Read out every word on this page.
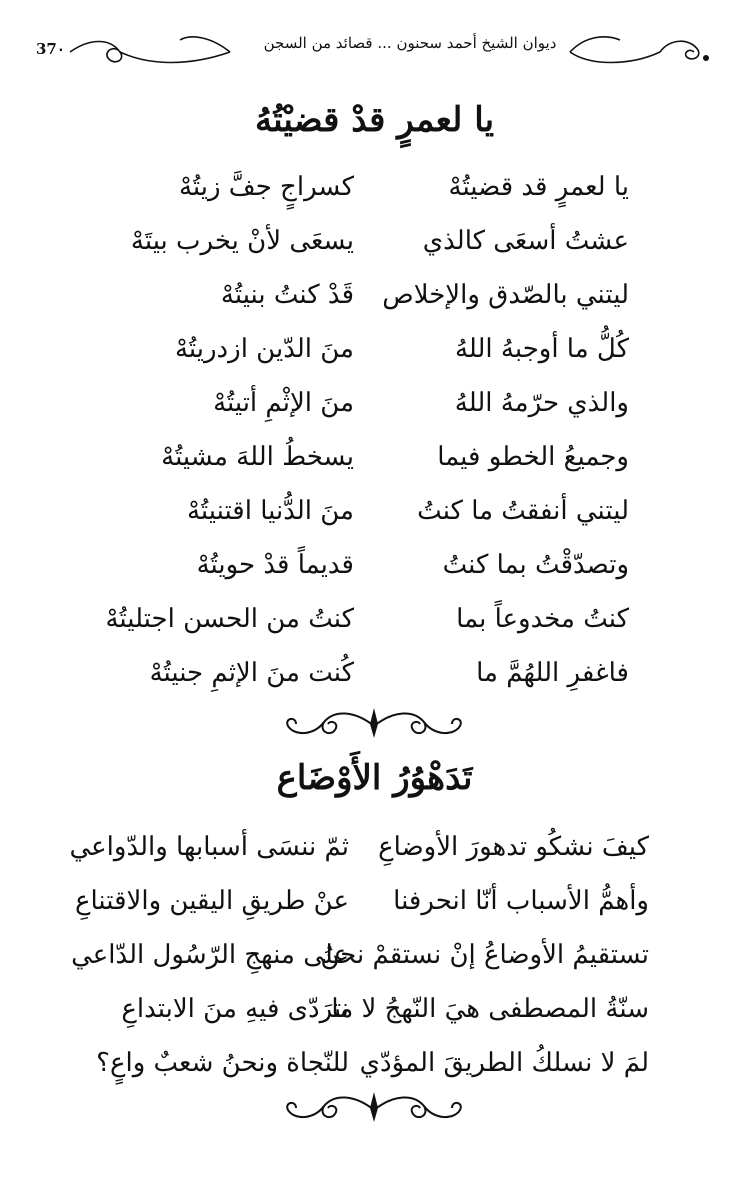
37٠	ديوان الشيخ أحمد سحنون ... قصائد من السجن
يا لعمرٍ قدْ قضيْتُهُ
يا لعمرٍ قد قضيتُهْ
كسراجٍ جفَّ زيتُهْ
عشتُ أسعَى كالذي
يسعَى لأنْ يخرب بيتَهْ
ليتني بالصّدق والإخلاص
قَدْ كنتُ بنيتُهْ
كُلُّ ما أوجبهُ اللهُ
منَ الدّين ازدريتُهْ
والذي حرّمهُ اللهُ
منَ الإثْمِ أتيتُهْ
وجميعُ الخطو فيما
يسخطُ اللهَ مشيتُهْ
ليتني أنفقتُ ما كنتُ
منَ الدُّنيا اقتنيتُهْ
وتصدّقْتُ بما كنتُ
قديماً قدْ حويتُهْ
كنتُ مخدوعاً بما
كنتُ من الحسن اجتليتُهْ
فاغفرِ اللهُمَّ ما
كُنت منَ الإثمِ جنيتُهْ
تَدَهْوُرُ الأَوْضَاع
كيفَ نشكُو تدهورَ الأوضاعِ
ثمّ ننسَى أسبابها والدّواعي
وأهمُّ الأسباب أنّا انحرفنا
عنْ طريقِ اليقين والاقتناعِ
تستقيمُ الأوضاعُ إنْ نستقمْ نحنُ
على منهجِ الرّسُول الدّاعي
سنّةُ المصطفى هيَ النّهجُ لا ما
نترَدّى فيهِ منَ الابتداعِ
لمَ لا نسلكُ الطريقَ المؤدّي
للنّجاة ونحنُ شعبٌ واعٍ؟
